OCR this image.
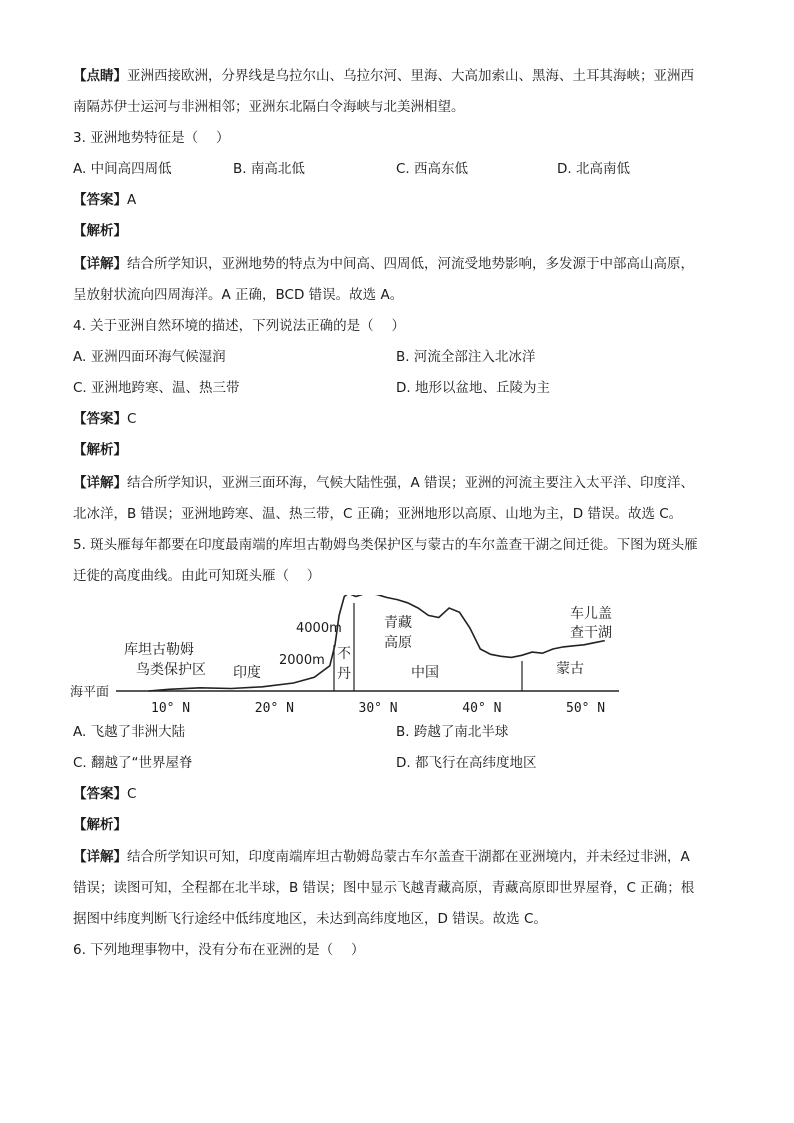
【点睛】亚洲西接欧洲，分界线是乌拉尔山、乌拉尔河、里海、大高加索山、黑海、土耳其海峡；亚洲西
南隔苏伊士运河与非洲相邻；亚洲东北隔白令海峡与北美洲相望。
3. 亚洲地势特征是（　 ）
A. 中间高四周低	B. 南高北低	C. 西高东低	D. 北高南低
【答案】A
【解析】
【详解】结合所学知识，亚洲地势的特点为中间高、四周低，河流受地势影响，多发源于中部高山高原，
呈放射状流向四周海洋。A 正确，BCD 错误。故选 A。
4. 关于亚洲自然环境的描述，下列说法正确的是（　 ）
A. 亚洲四面环海气候湿润	B. 河流全部注入北冰洋
C. 亚洲地跨寒、温、热三带	D. 地形以盆地、丘陵为主
【答案】C
【解析】
【详解】结合所学知识，亚洲三面环海，气候大陆性强，A 错误；亚洲的河流主要注入太平洋、印度洋、
北冰洋，B 错误；亚洲地跨寒、温、热三带，C 正确；亚洲地形以高原、山地为主，D 错误。故选 C。
5. 斑头雁每年都要在印度最南端的库坦古勒姆鸟类保护区与蒙古的车尔盖查干湖之间迁徙。下图为斑头雁
迁徙的高度曲线。由此可知斑头雁（　 ）
海平面
2000m
4000m
库坦古勒姆
鸟类保护区 印度
不
丹
青藏
高原
中国
车儿盖
查干湖
蒙古
10° N	20° N	30° N	40° N	50° N
A. 飞越了非洲大陆	B. 跨越了南北半球
C. 翻越了“世界屋脊	D. 都飞行在高纬度地区
【答案】C
【解析】
【详解】结合所学知识可知，印度南端库坦古勒姆岛蒙古车尔盖查干湖都在亚洲境内，并未经过非洲，A
错误；读图可知，全程都在北半球，B 错误；图中显示飞越青藏高原，青藏高原即世界屋脊，C 正确；根
据图中纬度判断飞行途经中低纬度地区，未达到高纬度地区，D 错误。故选 C。
6. 下列地理事物中，没有分布在亚洲的是（　 ）
